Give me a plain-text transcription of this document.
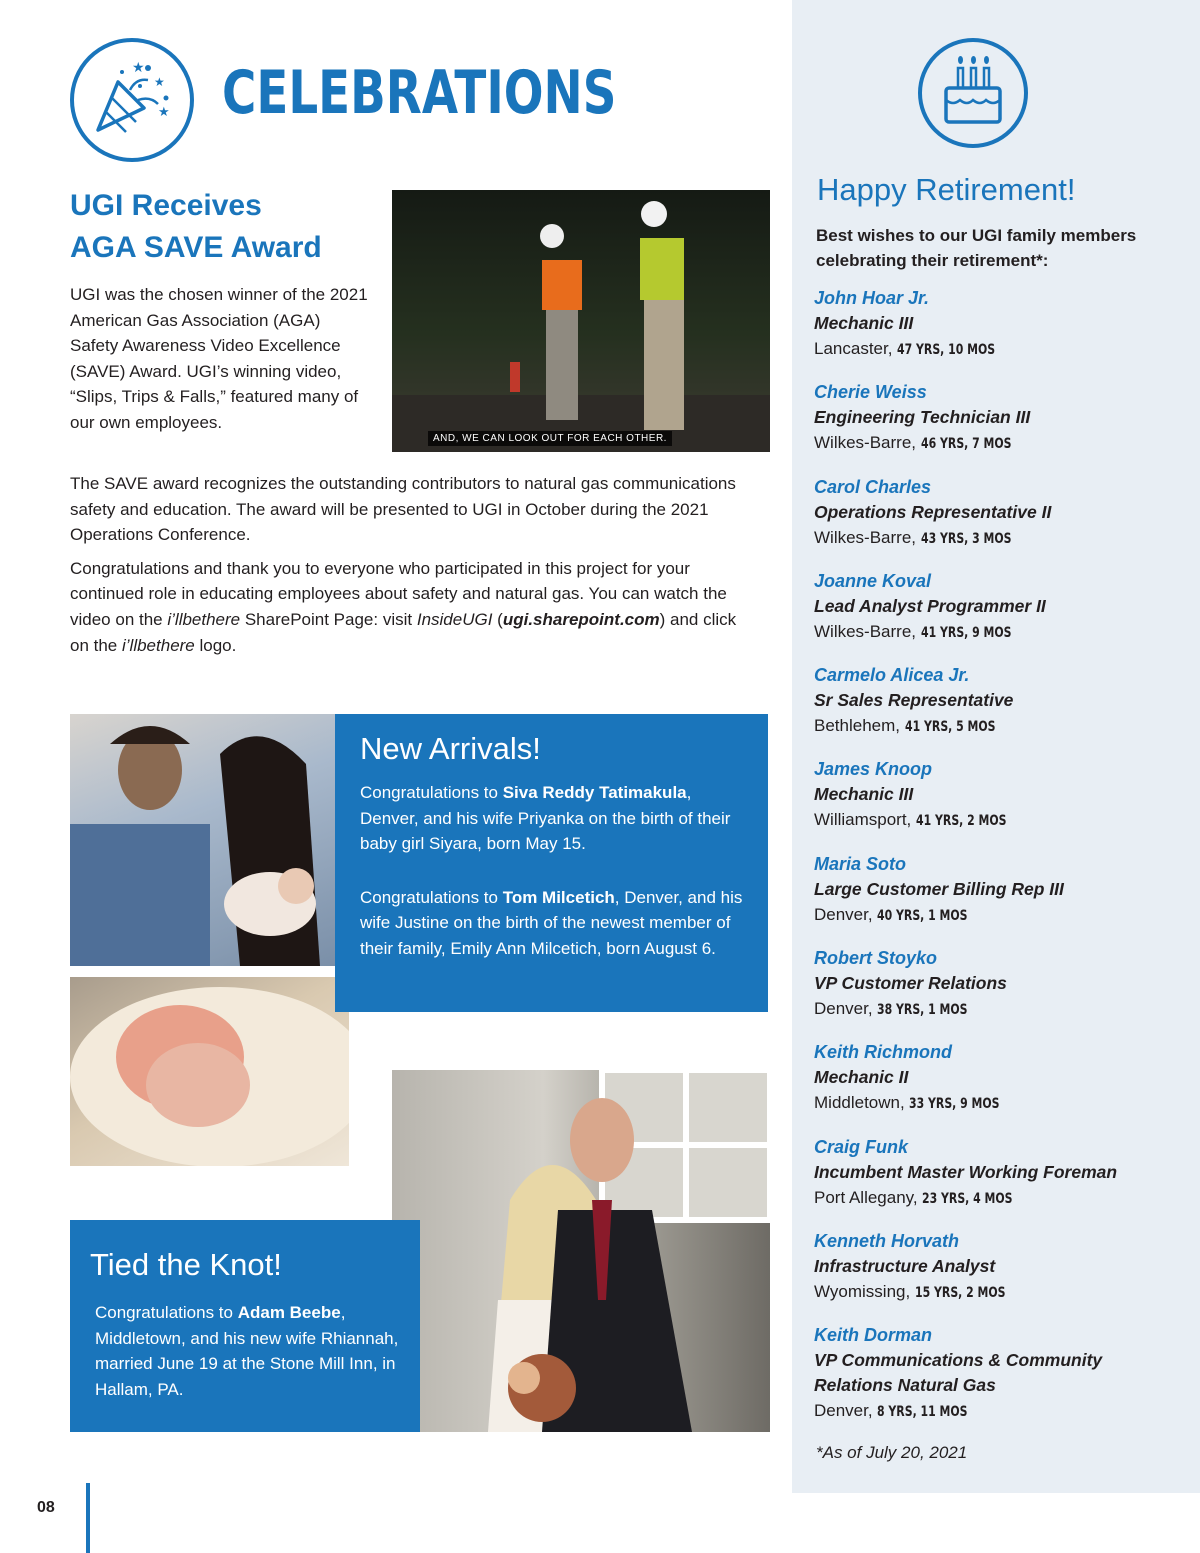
★
★
★ CELEBRATIONS
UGI Receives
AGA SAVE Award
UGI was the chosen winner of the 2021 American Gas Association (AGA) Safety Awareness Video Excellence (SAVE) Award. UGI’s winning video, “Slips, Trips & Falls,” featured many of our own employees.
AND, WE CAN LOOK OUT FOR EACH OTHER.

The SAVE award recognizes the outstanding contributors to natural gas communications safety and education. The award will be presented to UGI in October during the 2021 Operations Conference.

Congratulations and thank you to everyone who participated in this project for your continued role in educating employees about safety and natural gas. You can watch the video on the i’llbethere SharePoint Page: visit InsideUGI (ugi.sharepoint.com) and click on the i’llbethere logo.

New Arrivals!

Congratulations to Siva Reddy Tatimakula, Denver, and his wife Priyanka on the birth of their baby girl Siyara, born May 15.

Congratulations to Tom Milcetich, Denver, and his wife Justine on the birth of the newest member of their family, Emily Ann Milcetich, born August 6.

Tied the Knot!

Congratulations to Adam Beebe, Middletown, and his new wife Rhiannah, married June 19 at the Stone Mill Inn, in Hallam, PA.

Happy Retirement!
Best wishes to our UGI family members celebrating their retirement*:
John Hoar Jr.
Mechanic III
Lancaster, 47 YRS, 10 MOS
Cherie Weiss
Engineering Technician III
Wilkes-Barre, 46 YRS, 7 MOS
Carol Charles
Operations Representative II
Wilkes-Barre, 43 YRS, 3 MOS
Joanne Koval
Lead Analyst Programmer II
Wilkes-Barre, 41 YRS, 9 MOS
Carmelo Alicea Jr.
Sr Sales Representative
Bethlehem, 41 YRS, 5 MOS
James Knoop
Mechanic III
Williamsport, 41 YRS, 2 MOS
Maria Soto
Large Customer Billing Rep III
Denver, 40 YRS, 1 MOS
Robert Stoyko
VP Customer Relations
Denver, 38 YRS, 1 MOS
Keith Richmond
Mechanic II
Middletown, 33 YRS, 9 MOS
Craig Funk
Incumbent Master Working Foreman
Port Allegany, 23 YRS, 4 MOS
Kenneth Horvath
Infrastructure Analyst
Wyomissing, 15 YRS, 2 MOS
Keith Dorman
VP Communications & Community Relations Natural Gas
Denver, 8 YRS, 11 MOS
*As of July 20, 2021
08
